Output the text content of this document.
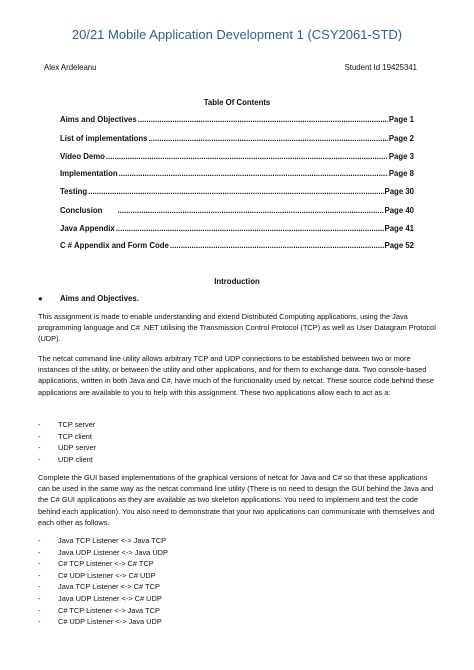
20/21 Mobile Application Development 1 (CSY2061-STD)
Alex Ardeleanu	Student Id 19425341
Table Of Contents
Aims and Objectives .....	Page 1
List of implementations .....	Page 2
Video Demo .....	Page 3
Implementation .....	Page 8
Testing .....	Page 30
Conclusion .....	Page 40
Java Appendix .....	Page 41
C # Appendix and Form Code .....	Page 52
Introduction
● Aims and Objectives.
This assignment is made to enable understanding and extend Distributed Computing applications, using the Java programming language and C# .NET utilising the Transmission Control Protocol (TCP) as well as User Datagram Protocol (UDP).
The netcat command line utility allows arbitrary TCP and UDP connections to be established between two or more instances of the utility, or between the utility and other applications, and for them to exchange data. Two console-based applications, written in both Java and C#, have much of the functionality used by netcat. These source code behind these applications are available to you to help with this assignment. These two applications allow each to act as a:
-	TCP server
-	TCP client
-	UDP server
-	UDP client
Complete the GUI based implementations of the graphical versions of netcat for Java and C# so that these applications can be used in the same way as the netcat command line utility (There is no need to design the GUI behind the Java and the C# GUI applications as they are available as two skeleton applications. You need to implement and test the code behind each application). You also need to demonstrate that your two applications can communicate with themselves and each other as follows.
-	Java TCP Listener <-> Java TCP
-	Java UDP Listener <-> Java UDP
-	C# TCP Listener <-> C# TCP
-	C# UDP Listener <-> C# UDP
-	Java TCP Listener <-> C# TCP
-	Java UDP Listener <-> C# UDP
-	C# TCP Listener <-> Java TCP
-	C# UDP Listener <-> Java UDP
